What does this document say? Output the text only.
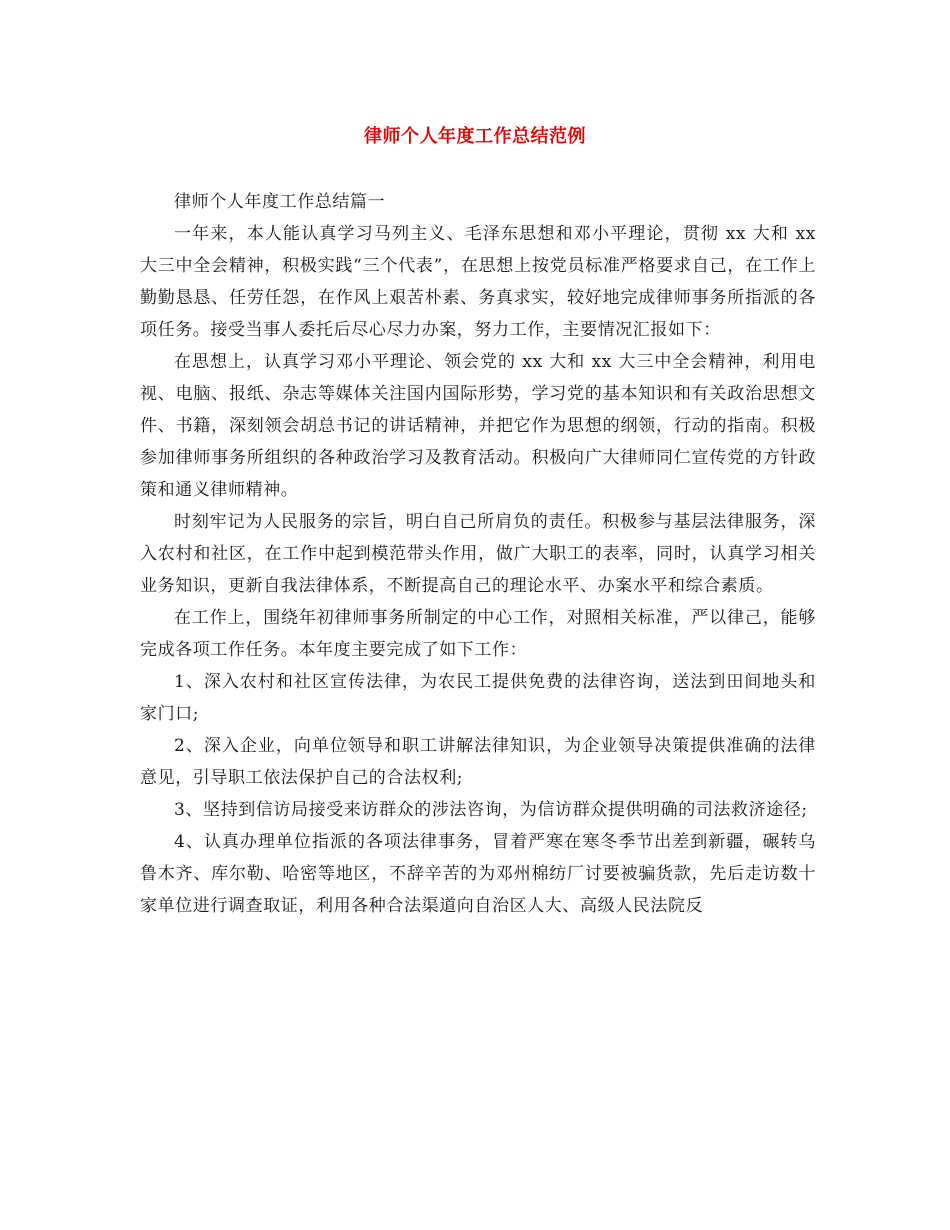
律师个人年度工作总结范例

律师个人年度工作总结篇一

一年来，本人能认真学习马列主义、毛泽东思想和邓小平理论，贯彻 xx 大和 xx 大三中全会精神，积极实践“三个代表”，在思想上按党员标准严格要求自己，在工作上勤勤恳恳、任劳任怨，在作风上艰苦朴素、务真求实，较好地完成律师事务所指派的各项任务。接受当事人委托后尽心尽力办案，努力工作，主要情况汇报如下：

在思想上，认真学习邓小平理论、领会党的 xx 大和 xx 大三中全会精神，利用电视、电脑、报纸、杂志等媒体关注国内国际形势，学习党的基本知识和有关政治思想文件、书籍，深刻领会胡总书记的讲话精神，并把它作为思想的纲领，行动的指南。积极参加律师事务所组织的各种政治学习及教育活动。积极向广大律师同仁宣传党的方针政策和通义律师精神。

时刻牢记为人民服务的宗旨，明白自己所肩负的责任。积极参与基层法律服务，深入农村和社区，在工作中起到模范带头作用，做广大职工的表率，同时，认真学习相关业务知识，更新自我法律体系，不断提高自己的理论水平、办案水平和综合素质。

在工作上，围绕年初律师事务所制定的中心工作，对照相关标准，严以律己，能够完成各项工作任务。本年度主要完成了如下工作：

1、深入农村和社区宣传法律，为农民工提供免费的法律咨询，送法到田间地头和家门口;

2、深入企业，向单位领导和职工讲解法律知识，为企业领导决策提供准确的法律意见，引导职工依法保护自己的合法权利;

3、坚持到信访局接受来访群众的涉法咨询，为信访群众提供明确的司法救济途径;

4、认真办理单位指派的各项法律事务，冒着严寒在寒冬季节出差到新疆，碾转乌鲁木齐、库尔勒、哈密等地区，不辞辛苦的为邓州棉纺厂讨要被骗货款，先后走访数十家单位进行调查取证，利用各种合法渠道向自治区人大、高级人民法院反
